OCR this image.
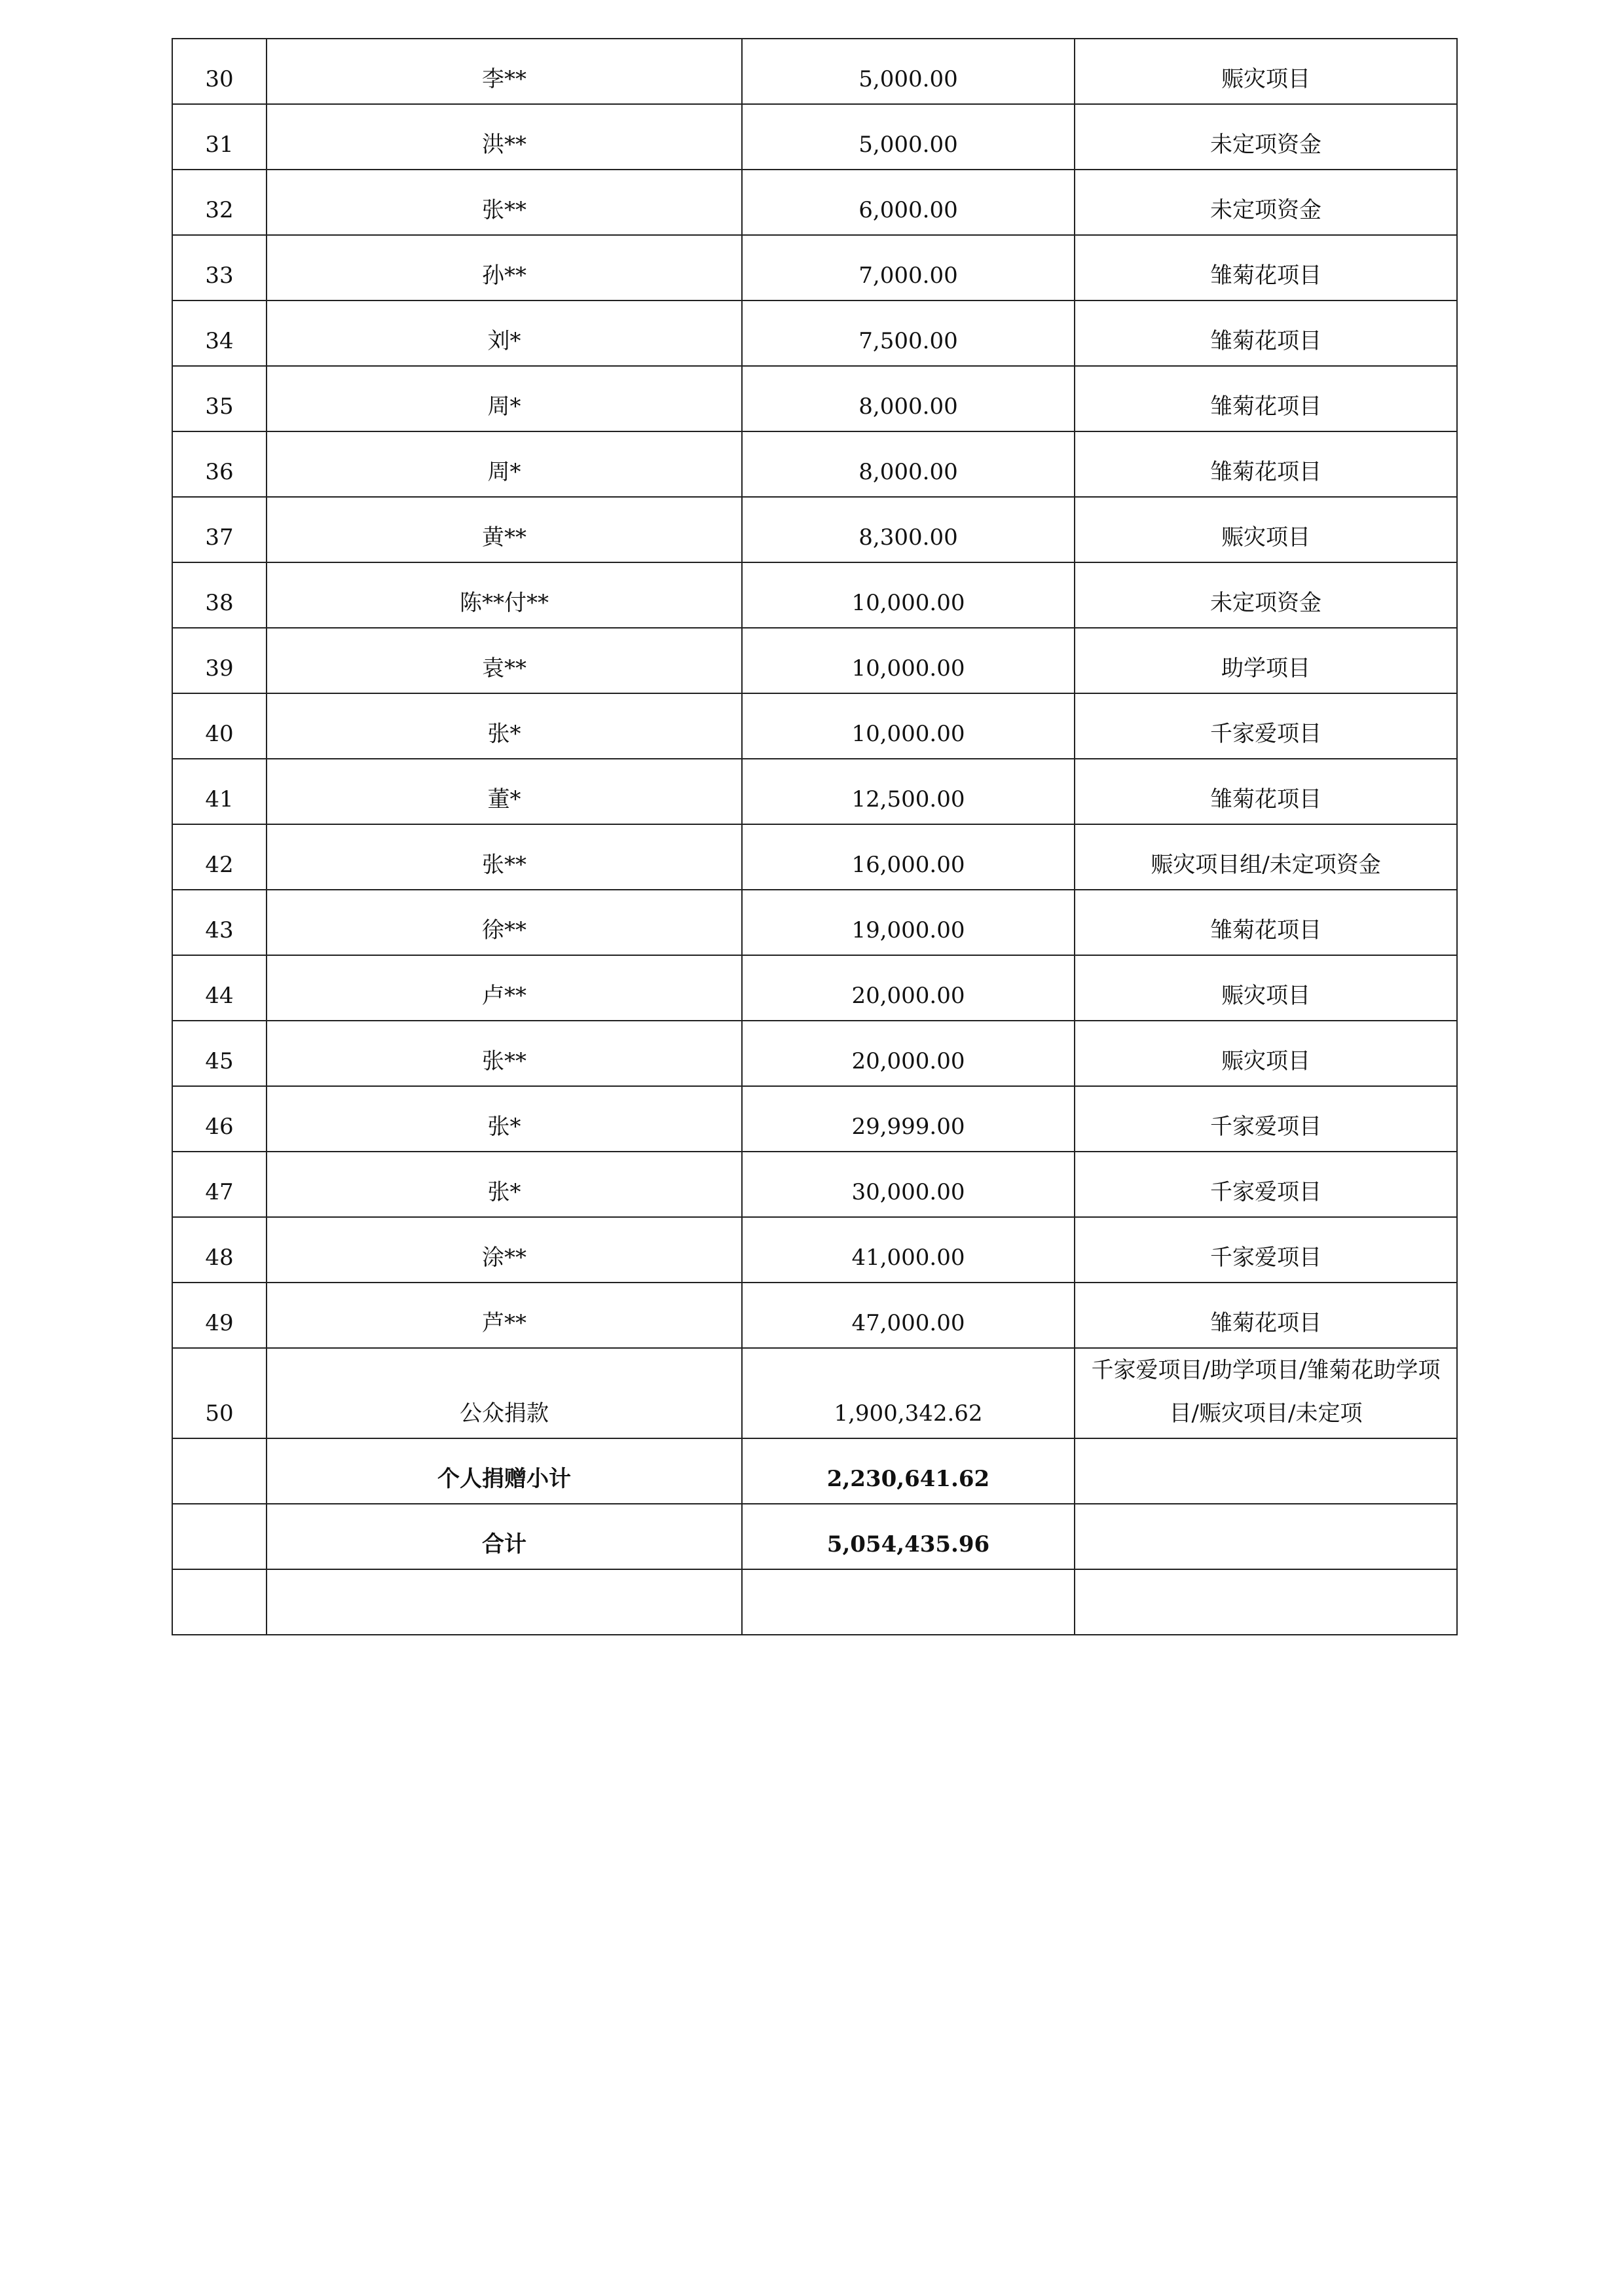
30	李**	5,000.00	赈灾项目
31	洪**	5,000.00	未定项资金
32	张**	6,000.00	未定项资金
33	孙**	7,000.00	雏菊花项目
34	刘*	7,500.00	雏菊花项目
35	周*	8,000.00	雏菊花项目
36	周*	8,000.00	雏菊花项目
37	黄**	8,300.00	赈灾项目
38	陈**付**	10,000.00	未定项资金
39	袁**	10,000.00	助学项目
40	张*	10,000.00	千家爱项目
41	董*	12,500.00	雏菊花项目
42	张**	16,000.00	赈灾项目组/未定项资金
43	徐**	19,000.00	雏菊花项目
44	卢**	20,000.00	赈灾项目
45	张**	20,000.00	赈灾项目
46	张*	29,999.00	千家爱项目
47	张*	30,000.00	千家爱项目
48	涂**	41,000.00	千家爱项目
49	芦**	47,000.00	雏菊花项目
50	公众捐款	1,900,342.62	千家爱项目/助学项目/雏菊花助学项目/赈灾项目/未定项
	个人捐赠小计	2,230,641.62	
	合计	5,054,435.96	
